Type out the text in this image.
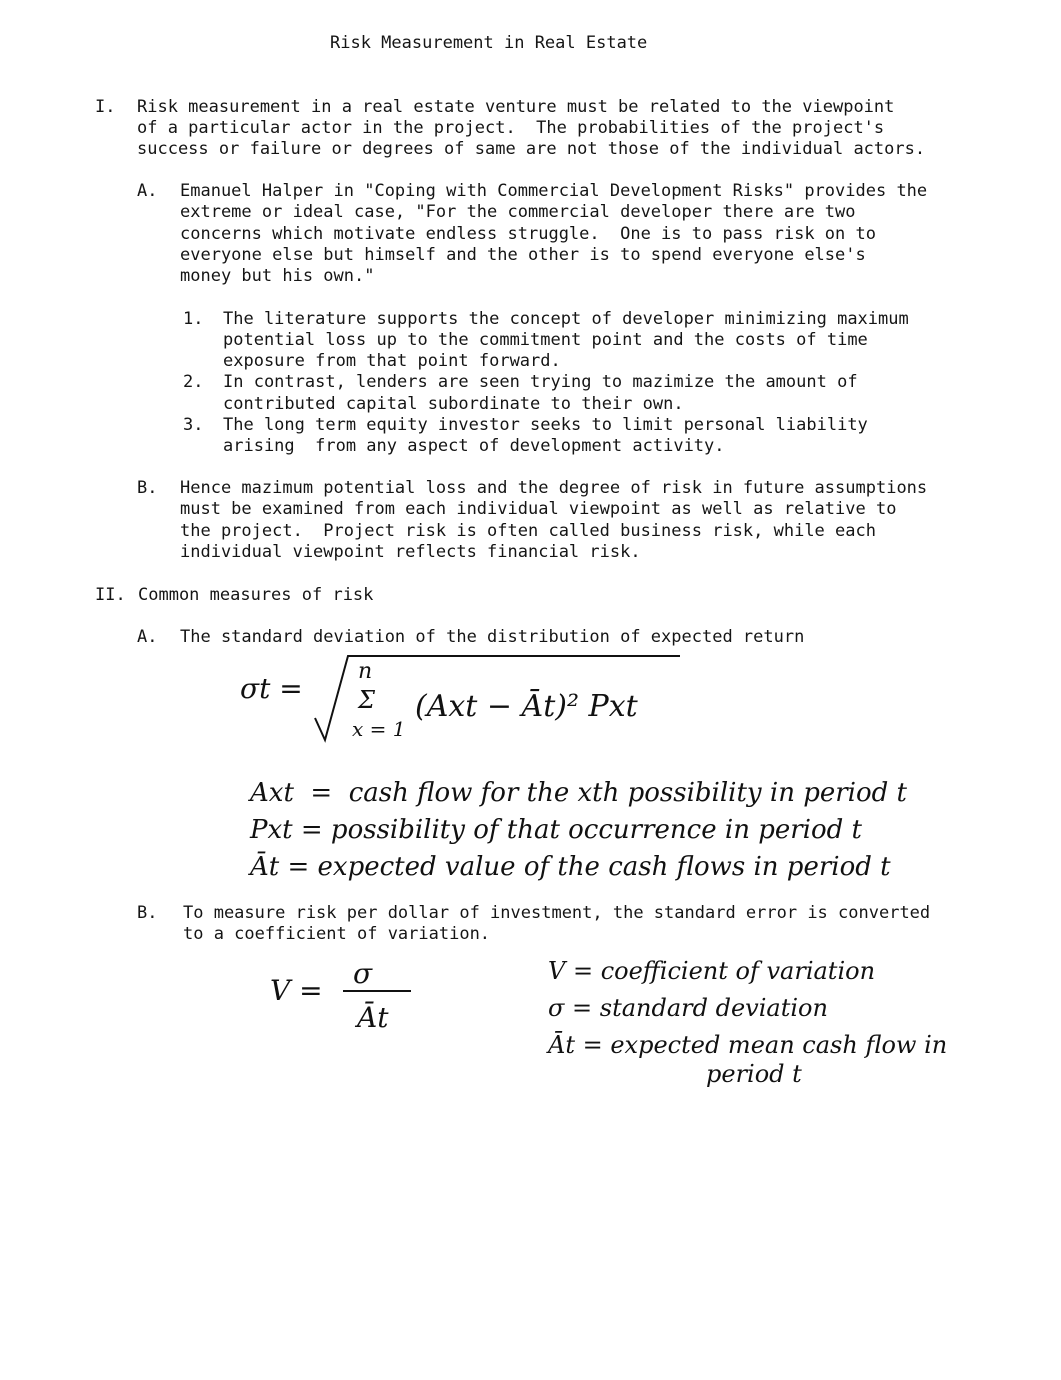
Risk Measurement in Real Estate
I. Risk measurement in a real estate venture must be related to the viewpoint
of a particular actor in the project.  The probabilities of the project's
success or failure or degrees of same are not those of the individual actors.
A. Emanuel Halper in "Coping with Commercial Development Risks" provides the
extreme or ideal case, "For the commercial developer there are two
concerns which motivate endless struggle.  One is to pass risk on to
everyone else but himself and the other is to spend everyone else's
money but his own."
1. The literature supports the concept of developer minimizing maximum
potential loss up to the commitment point and the costs of time
exposure from that point forward.
2. In contrast, lenders are seen trying to mazimize the amount of
contributed capital subordinate to their own.
3. The long term equity investor seeks to limit personal liability
arising  from any aspect of development activity.
B. Hence mazimum potential loss and the degree of risk in future assumptions
must be examined from each individual viewpoint as well as relative to
the project.  Project risk is often called business risk, while each
individual viewpoint reflects financial risk.
II. Common measures of risk
A. The standard deviation of the distribution of expected return
σt =
n
Σ
x = 1
(Axt − Āt)² Pxt
Axt  =  cash flow for the xth possibility in period t
Pxt = possibility of that occurrence in period t
Āt = expected value of the cash flows in period t
B. To measure risk per dollar of investment, the standard error is converted
to a coefficient of variation.
V =
σ
Āt
V = coefficient of variation
σ = standard deviation
Āt = expected mean cash flow in
period t
